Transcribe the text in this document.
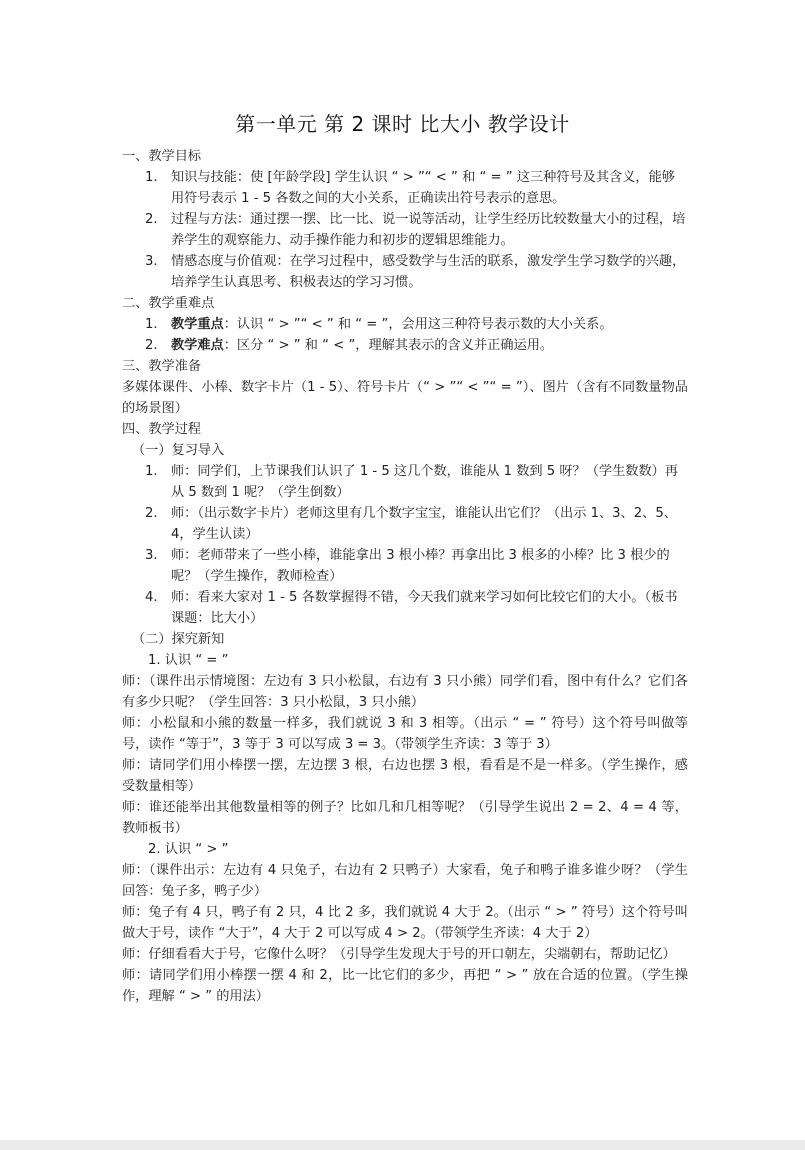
第一单元 第 2 课时 比大小 教学设计

一、教学目标

1. 知识与技能：使 [年龄学段] 学生认识 “ > ”“ < ” 和 “ = ” 这三种符号及其含义，能够用符号表示 1 - 5 各数之间的大小关系，正确读出符号表示的意思。
2. 过程与方法：通过摆一摆、比一比、说一说等活动，让学生经历比较数量大小的过程，培养学生的观察能力、动手操作能力和初步的逻辑思维能力。
3. 情感态度与价值观：在学习过程中，感受数学与生活的联系，激发学生学习数学的兴趣，培养学生认真思考、积极表达的学习习惯。

二、教学重难点

1. 教学重点：认识 “ > ”“ < ” 和 “ = ”，会用这三种符号表示数的大小关系。
2. 教学难点：区分 “ > ” 和 “ < ”，理解其表示的含义并正确运用。

三、教学准备

多媒体课件、小棒、数字卡片（1 - 5）、符号卡片（“ > ”“ < ”“ = ”）、图片（含有不同数量物品的场景图）

四、教学过程

（一）复习导入

1. 师：同学们，上节课我们认识了 1 - 5 这几个数，谁能从 1 数到 5 呀？（学生数数）再从 5 数到 1 呢？（学生倒数）
2. 师：（出示数字卡片）老师这里有几个数字宝宝，谁能认出它们？（出示 1、3、2、5、4，学生认读）
3. 师：老师带来了一些小棒，谁能拿出 3 根小棒？再拿出比 3 根多的小棒？比 3 根少的呢？（学生操作，教师检查）
4. 师：看来大家对 1 - 5 各数掌握得不错，今天我们就来学习如何比较它们的大小。（板书课题：比大小）

（二）探究新知

1. 认识 “ = ”

师：（课件出示情境图：左边有 3 只小松鼠，右边有 3 只小熊）同学们看，图中有什么？它们各有多少只呢？（学生回答：3 只小松鼠，3 只小熊）

师：小松鼠和小熊的数量一样多，我们就说 3 和 3 相等。（出示 “ = ” 符号）这个符号叫做等号，读作 “等于”，3 等于 3 可以写成 3 = 3。（带领学生齐读：3 等于 3）

师：请同学们用小棒摆一摆，左边摆 3 根，右边也摆 3 根，看看是不是一样多。（学生操作，感受数量相等）

师：谁还能举出其他数量相等的例子？比如几和几相等呢？（引导学生说出 2 = 2、4 = 4 等，教师板书）

2. 认识 “ > ”

师：（课件出示：左边有 4 只兔子，右边有 2 只鸭子）大家看，兔子和鸭子谁多谁少呀？（学生回答：兔子多，鸭子少）

师：兔子有 4 只，鸭子有 2 只，4 比 2 多，我们就说 4 大于 2。（出示 “ > ” 符号）这个符号叫做大于号，读作 “大于”，4 大于 2 可以写成 4 > 2。（带领学生齐读：4 大于 2）

师：仔细看看大于号，它像什么呀？（引导学生发现大于号的开口朝左，尖端朝右，帮助记忆）

师：请同学们用小棒摆一摆 4 和 2，比一比它们的多少，再把 “ > ” 放在合适的位置。（学生操作，理解 “ > ” 的用法）
